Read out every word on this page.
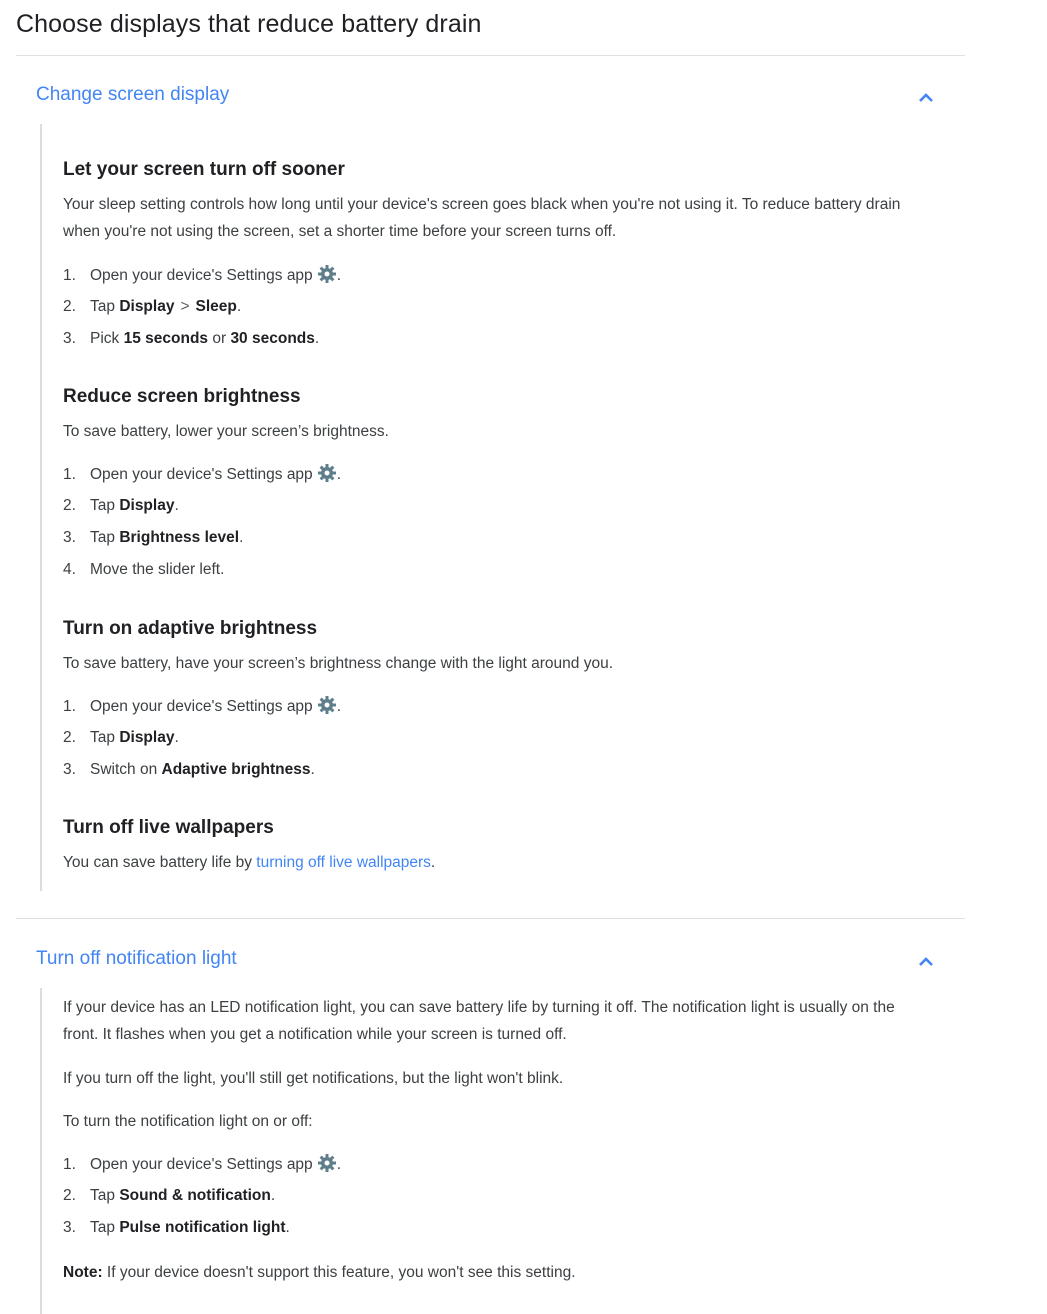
Choose displays that reduce battery drain
Change screen display
Let your screen turn off sooner

Your sleep setting controls how long until your device's screen goes black when you're not using it. To reduce battery drain when you're not using the screen, set a shorter time before your screen turns off.

1. Open your device's Settings app .
2. Tap Display > Sleep.
3. Pick 15 seconds or 30 seconds.
Reduce screen brightness

To save battery, lower your screen’s brightness.

1. Open your device's Settings app .
2. Tap Display.
3. Tap Brightness level.
4. Move the slider left.
Turn on adaptive brightness

To save battery, have your screen’s brightness change with the light around you.

1. Open your device's Settings app .
2. Tap Display.
3. Switch on Adaptive brightness.
Turn off live wallpapers

You can save battery life by turning off live wallpapers.

Turn off notification light

If your device has an LED notification light, you can save battery life by turning it off. The notification light is usually on the front. It flashes when you get a notification while your screen is turned off.

If you turn off the light, you'll still get notifications, but the light won't blink.

To turn the notification light on or off:

1. Open your device's Settings app .
2. Tap Sound & notification.
3. Tap Pulse notification light.

Note: If your device doesn't support this feature, you won't see this setting.
